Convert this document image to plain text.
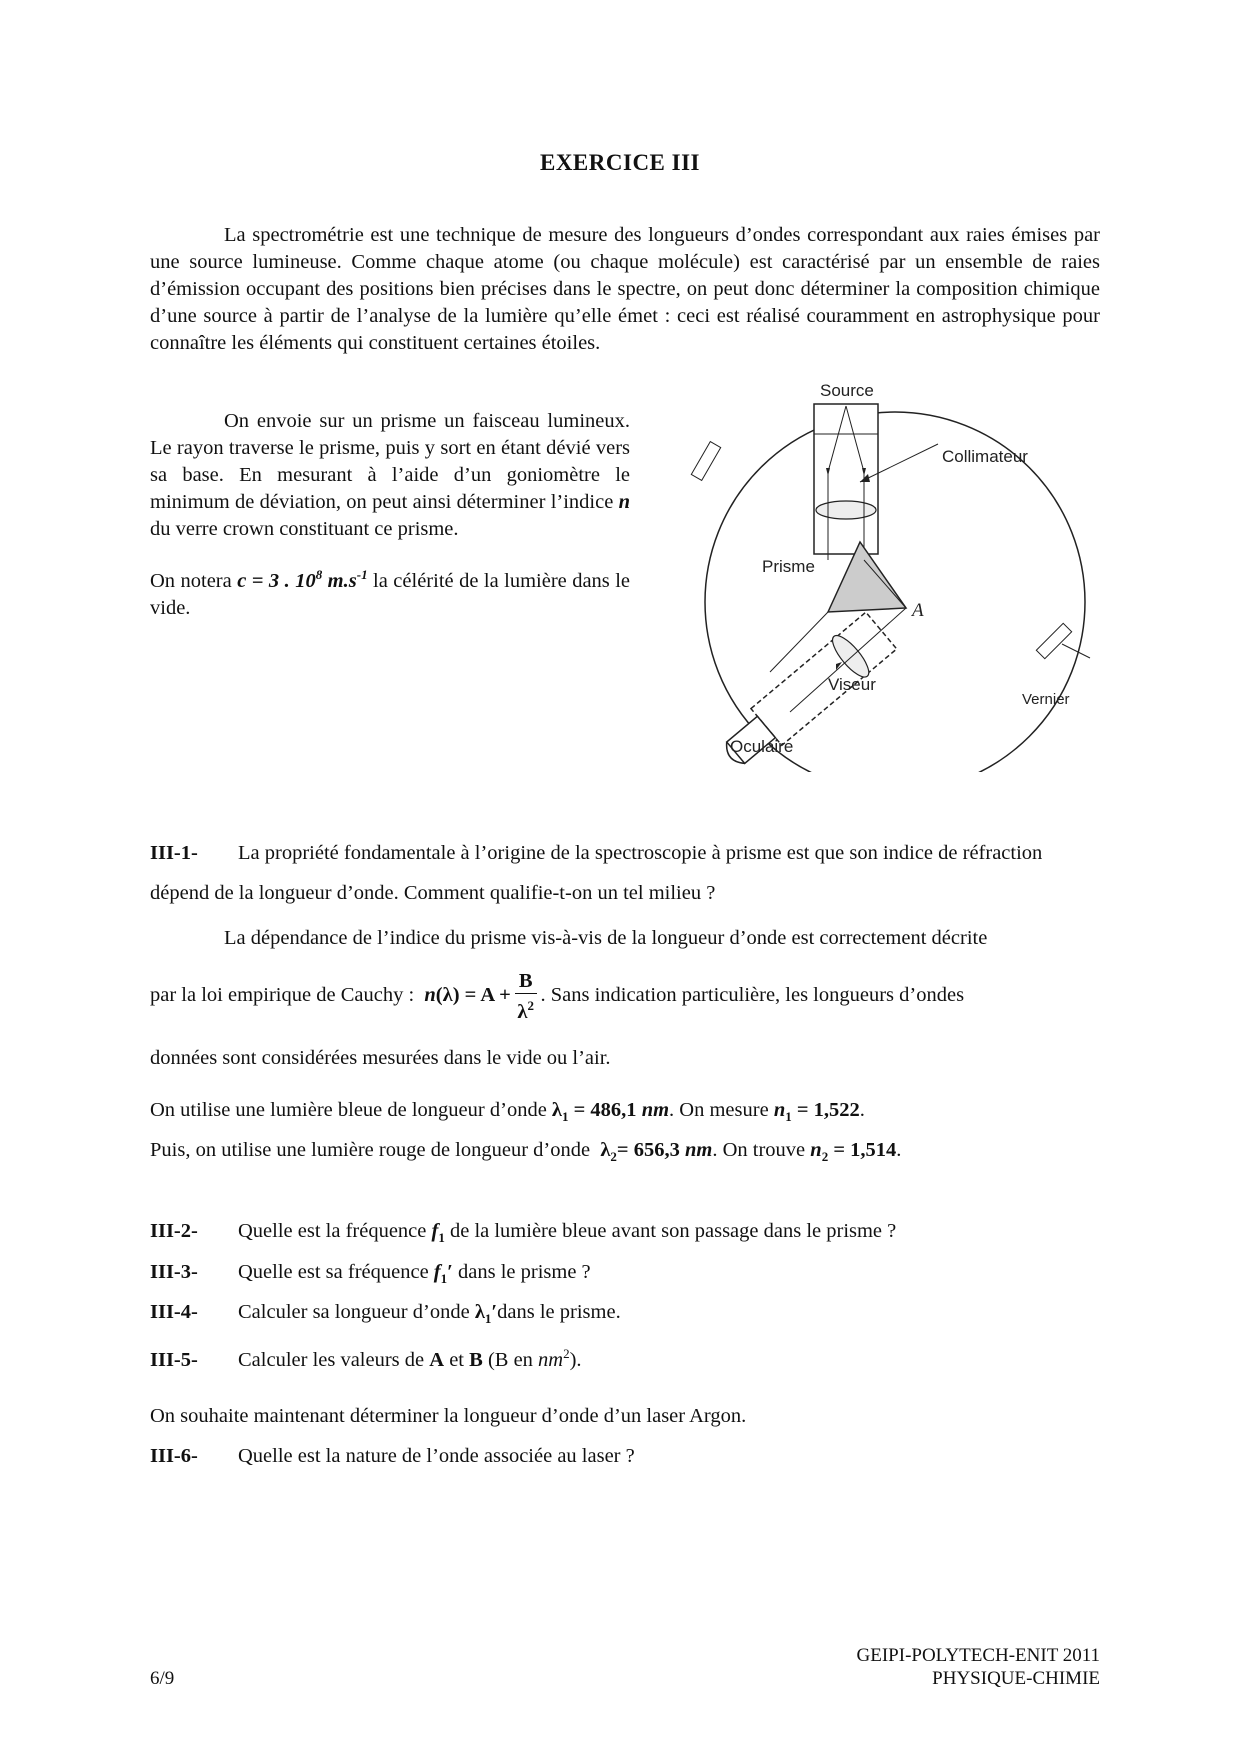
EXERCICE III
La spectrométrie est une technique de mesure des longueurs d’ondes correspondant aux raies émises par une source lumineuse. Comme chaque atome (ou chaque molécule) est caractérisé par un ensemble de raies d’émission occupant des positions bien précises dans le spectre, on peut donc déterminer la composition chimique d’une source à partir de l’analyse de la lumière qu’elle émet : ceci est réalisé couramment en astrophysique pour connaître les éléments qui constituent certaines étoiles.

On envoie sur un prisme un faisceau lumineux. Le rayon traverse le prisme, puis y sort en étant dévié vers sa base. En mesurant à l’aide d’un goniomètre le minimum de déviation, on peut ainsi déterminer l’indice n du verre crown constituant ce prisme.

On notera c = 3 . $10^8$ $m.s^{-1}$ la célérité de la lumière dans le vide.

Source
Collimateur
Prisme
A
Viseur
Vernier
Oculaire
III-1- La propriété fondamentale à l’origine de la spectroscopie à prisme est que son indice de réfraction dépend de la longueur d’onde. Comment qualifie-t-on un tel milieu ?
La dépendance de l’indice du prisme vis-à-vis de la longueur d’onde est correctement décrite
par la loi empirique de Cauchy : $n(\lambda) = A + \frac{B}{\lambda^2}$ . Sans indication particulière, les longueurs d’ondes
données sont considérées mesurées dans le vide ou l’air.
On utilise une lumière bleue de longueur d’onde $\lambda_1 = 486,1$ nm. On mesure $n_1 = 1,522$.
Puis, on utilise une lumière rouge de longueur d’onde $\lambda_2= 656,3$ nm. On trouve $n_2 = 1,514$.
III-2- Quelle est la fréquence $f_1$ de la lumière bleue avant son passage dans le prisme ?
III-3- Quelle est sa fréquence $f_1'$ dans le prisme ?
III-4- Calculer sa longueur d’onde $\lambda_1'dans$ le prisme.
III-5- Calculer les valeurs de A et B (B en $nm^2$).
On souhaite maintenant déterminer la longueur d’onde d’un laser Argon.
III-6- Quelle est la nature de l’onde associée au laser ?
6/9
GEIPI-POLYTECH-ENIT 2011
PHYSIQUE-CHIMIE
